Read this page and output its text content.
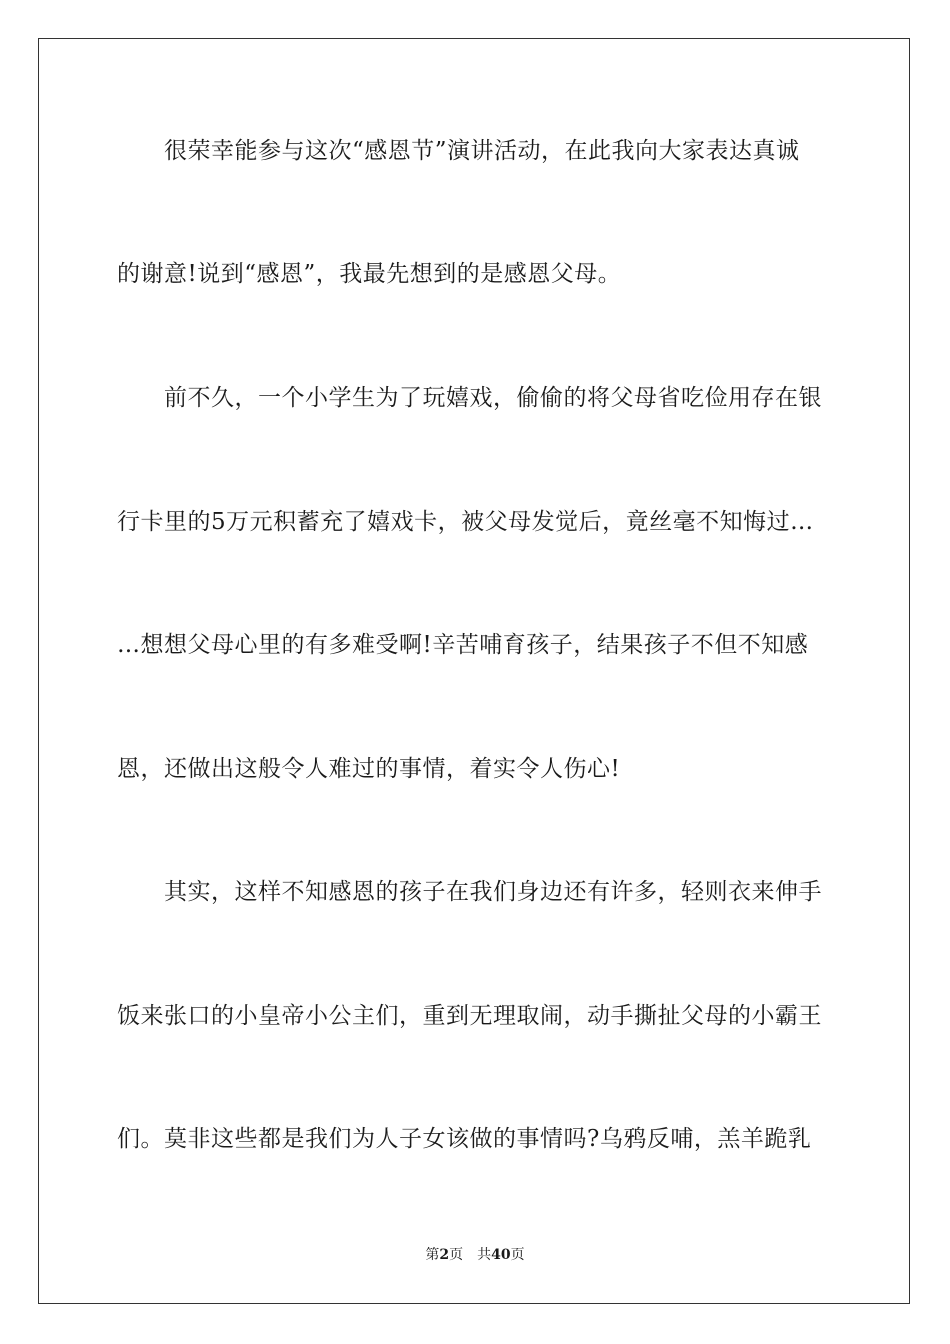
很荣幸能参与这次“感恩节”演讲活动，在此我向大家表达真诚
的谢意!说到“感恩”，我最先想到的是感恩父母。
前不久，一个小学生为了玩嬉戏，偷偷的将父母省吃俭用存在银
行卡里的5万元积蓄充了嬉戏卡，被父母发觉后，竟丝毫不知悔过…
…想想父母心里的有多难受啊!辛苦哺育孩子，结果孩子不但不知感
恩，还做出这般令人难过的事情，着实令人伤心!
其实，这样不知感恩的孩子在我们身边还有许多，轻则衣来伸手
饭来张口的小皇帝小公主们，重到无理取闹，动手撕扯父母的小霸王
们。莫非这些都是我们为人子女该做的事情吗?乌鸦反哺，羔羊跪乳
第2页 共40页
